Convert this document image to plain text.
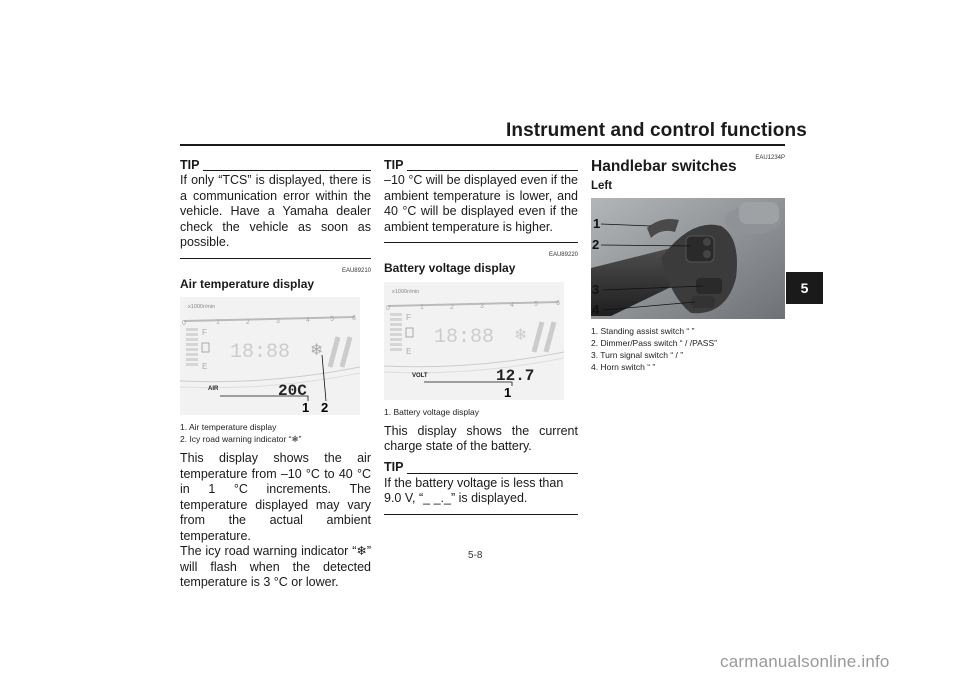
Instrument and control functions
5
TIP
If only “TCS” is displayed, there is a communication error within the vehicle. Have a Yamaha dealer check the vehicle as soon as possible.
EAU89210
Air temperature display
x1000r/min
0	1	2	3	4	5	6
F
E
18:88 ❄
AIR	20C
1 2
1. Air temperature display
2. Icy road warning indicator “❄”
This display shows the air temperature from –10 °C to 40 °C in 1 °C increments. The temperature displayed may vary from the actual ambient temperature.
The icy road warning indicator “❄” will flash when the detected temperature is 3 °C or lower.
TIP
–10 °C will be displayed even if the ambient temperature is lower, and 40 °C will be displayed even if the ambient temperature is higher.
EAU89220
Battery voltage display
x1000r/min
0	1	2	3	4	5	6
F
E
18:88 ❄
VOLT	12.7
1
1. Battery voltage display
This display shows the current charge state of the battery.
TIP
If the battery voltage is less than 9.0 V, “_ _._” is displayed.
EAU1234P
Handlebar switches
Left
1
2
3
4
1. Standing assist switch “ ”
2. Dimmer/Pass switch “ / /PASS”
3. Turn signal switch “ / ”
4. Horn switch “ ”
5-8
carmanualsonline.info
